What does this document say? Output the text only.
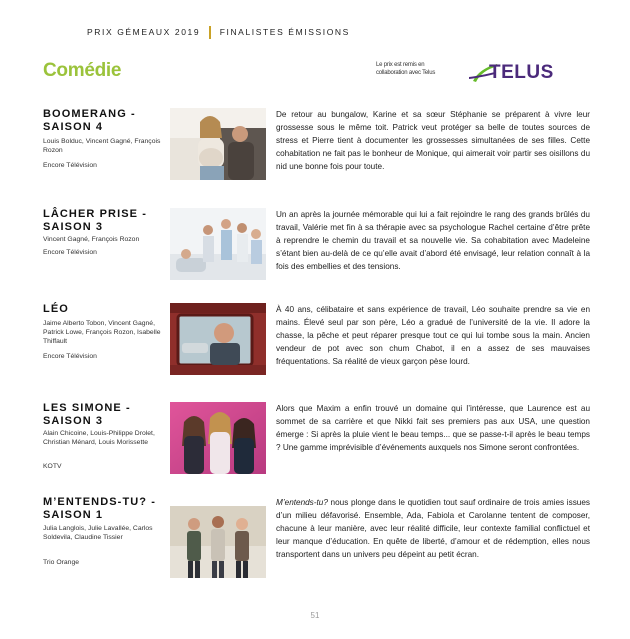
PRIX GÉMEAUX 2019 FINALISTES ÉMISSIONS
Comédie	Le prix est remis en
collaboration avec Telus	TELUS
BOOMERANG -
SAISON 4
Louis Bolduc, Vincent Gagné, François Rozon
Encore Télévision
De retour au bungalow, Karine et sa sœur Stéphanie se préparent à vivre leur grossesse sous le même toit. Patrick veut protéger sa belle de toutes sources de stress et Pierre tient à documenter les grossesses simultanées de ses filles. Cette cohabitation ne fait pas le bonheur de Monique, qui aimerait voir partir ses oisillons du nid une bonne fois pour toute.
LÂCHER PRISE -
SAISON 3
Vincent Gagné, François Rozon
Encore Télévision
Un an après la journée mémorable qui lui a fait rejoindre le rang des grands brûlés du travail, Valérie met fin à sa thérapie avec sa psychologue Rachel certaine d’être prête à reprendre le chemin du travail et sa nouvelle vie. Sa cohabitation avec Madeleine s’étant bien au-delà de ce qu’elle avait d’abord été envisagé, leur relation connaît à la fois des embellies et des tensions.
LÉO
Jaime Alberto Tobon, Vincent Gagné, Patrick Lowe, François Rozon, Isabelle Thiffault
Encore Télévision
À 40 ans, célibataire et sans expérience de travail, Léo souhaite prendre sa vie en mains. Élevé seul par son père, Léo a gradué de l’université de la vie. Il adore la chasse, la pêche et peut réparer presque tout ce qui lui tombe sous la main. Ancien vendeur de pot avec son chum Chabot, il en a assez de ses mauvaises fréquentations. Sa réalité de vieux garçon pèse lourd.
LES SIMONE -
SAISON 3
Alain Chicoine, Louis-Philippe Drolet, Christian Ménard, Louis Morissette
KOTV
Alors que Maxim a enfin trouvé un domaine qui l’intéresse, que Laurence est au sommet de sa carrière et que Nikki fait ses premiers pas aux USA, une question émerge : Si après la pluie vient le beau temps... que se passe-t-il après le beau temps ? Une gamme imprévisible d’événements auxquels nos Simone seront confrontées.
M’ENTENDS-TU? -
SAISON 1
Julia Langlois, Julie Lavallée, Carlos Soldevila, Claudine Tissier
Trio Orange
M’entends-tu? nous plonge dans le quotidien tout sauf ordinaire de trois amies issues d’un milieu défavorisé. Ensemble, Ada, Fabiola et Carolanne tentent de composer, chacune à leur manière, avec leur réalité difficile, leur contexte familial conflictuel et leur manque d’éducation. En quête de liberté, d’amour et de rédemption, elles nous transportent dans un univers peu dépeint au petit écran.
51
